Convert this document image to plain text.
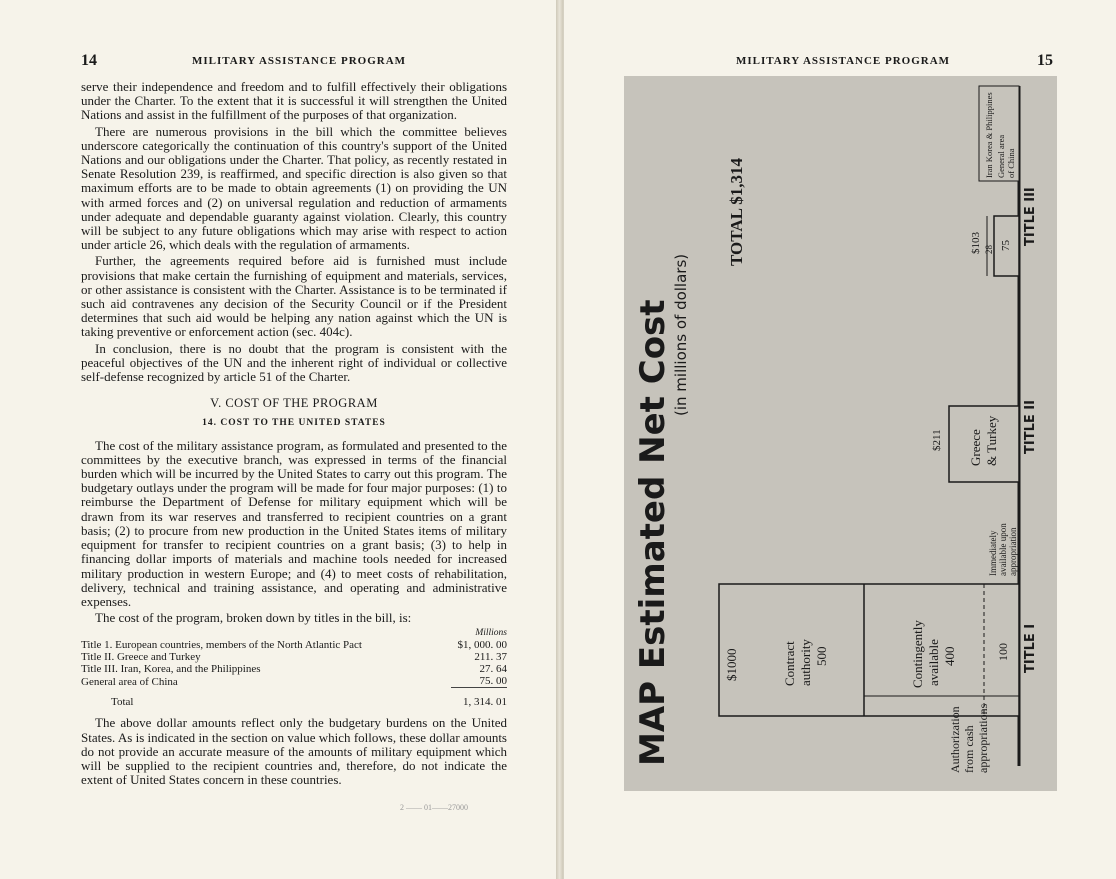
14	MILITARY ASSISTANCE PROGRAM

serve their independence and freedom and to fulfill effectively their obligations under the Charter. To the extent that it is successful it will strengthen the United Nations and assist in the fulfillment of the purposes of that organization.

There are numerous provisions in the bill which the committee believes underscore categorically the continuation of this country's support of the United Nations and our obligations under the Charter. That policy, as recently restated in Senate Resolution 239, is reaffirmed, and specific direction is also given so that maximum efforts are to be made to obtain agreements (1) on providing the UN with armed forces and (2) on universal regulation and reduction of armaments under adequate and dependable guaranty against violation. Clearly, this country will be subject to any future obligations which may arise with respect to action under article 26, which deals with the regulation of armaments.

Further, the agreements required before aid is furnished must include provisions that make certain the furnishing of equipment and materials, services, or other assistance is consistent with the Charter. Assistance is to be terminated if such aid contravenes any decision of the Security Council or if the President determines that such aid would be helping any nation against which the UN is taking preventive or enforcement action (sec. 404c).

In conclusion, there is no doubt that the program is consistent with the peaceful objectives of the UN and the inherent right of individual or collective self-defense recognized by article 51 of the Charter.

V. COST OF THE PROGRAM
14. COST TO THE UNITED STATES

The cost of the military assistance program, as formulated and presented to the committees by the executive branch, was expressed in terms of the financial burden which will be incurred by the United States to carry out this program. The budgetary outlays under the program will be made for four major purposes: (1) to reimburse the Department of Defense for military equipment which will be drawn from its war reserves and transferred to recipient countries on a grant basis; (2) to procure from new production in the United States items of military equipment for transfer to recipient countries on a grant basis; (3) to help in financing dollar imports of materials and machine tools needed for increased military production in western Europe; and (4) to meet costs of rehabilitation, delivery, technical and training assistance, and operating and administrative expenses.

The cost of the program, broken down by titles in the bill, is:

	Millions
Title 1. European countries, members of the North Atlantic Pact	$1, 000. 00
Title II. Greece and Turkey	211. 37
Title III. Iran, Korea, and the Philippines	27. 64
General area of China	75. 00
Total	1, 314. 01

The above dollar amounts reflect only the budgetary burdens on the United States. As is indicated in the section on value which follows, these dollar amounts do not provide an accurate measure of the amounts of military equipment which will be supplied to the recipient countries and, therefore, do not indicate the extent of United States concern in these countries.

2 —— 01——27000
MILITARY ASSISTANCE PROGRAM	15
MAP Estimated Net Cost (in millions of dollars)
TOTAL $1,314
$1000	Contract authority 500	Contingently available 400	100 TITLE I
Authorization from cash appropriations
Immediately available upon appropriation
$211 Greece & Turkey TITLE II
$103 28 75 TITLE III
Iran Korea & Philippines General area of China
